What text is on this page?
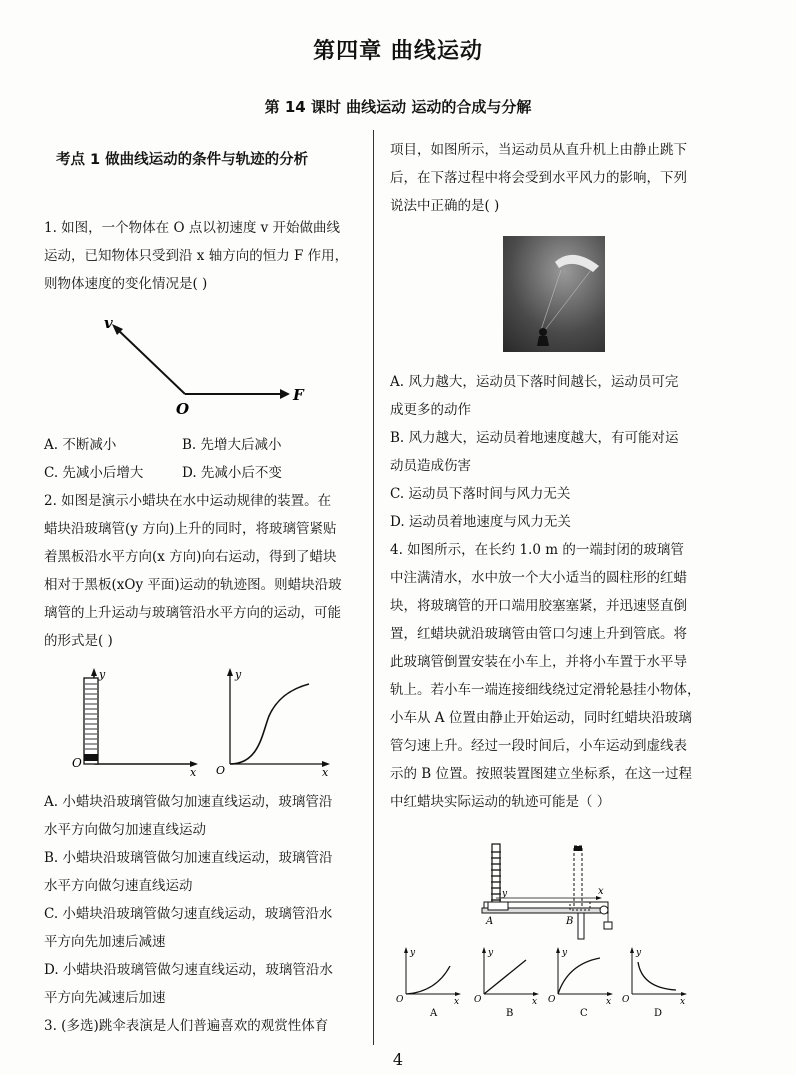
第四章 曲线运动
第 14 课时 曲线运动 运动的合成与分解
考点 1 做曲线运动的条件与轨迹的分析

1. 如图，一个物体在 O 点以初速度 v 开始做曲线

运动，已知物体只受到沿 x 轴方向的恒力 F 作用，

则物体速度的变化情况是( )

v
O
F
A. 不断减小	B. 先增大后减小
C. 先减小后增大	D. 先减小后不变

2. 如图是演示小蜡块在水中运动规律的装置。在

蜡块沿玻璃管(y 方向)上升的同时，将玻璃管紧贴

着黑板沿水平方向(x 方向)向右运动，得到了蜡块

相对于黑板(xOy 平面)运动的轨迹图。则蜡块沿玻

璃管的上升运动与玻璃管沿水平方向的运动，可能

的形式是( )

y
O
x
y
O	x

A. 小蜡块沿玻璃管做匀加速直线运动，玻璃管沿

水平方向做匀加速直线运动

B. 小蜡块沿玻璃管做匀加速直线运动，玻璃管沿

水平方向做匀速直线运动

C. 小蜡块沿玻璃管做匀速直线运动，玻璃管沿水

平方向先加速后减速

D. 小蜡块沿玻璃管做匀速直线运动，玻璃管沿水

平方向先减速后加速

3. (多选)跳伞表演是人们普遍喜欢的观赏性体育

项目，如图所示，当运动员从直升机上由静止跳下

后，在下落过程中将会受到水平风力的影响，下列

说法中正确的是( )

A. 风力越大，运动员下落时间越长，运动员可完

成更多的动作

B. 风力越大，运动员着地速度越大，有可能对运

动员造成伤害

C. 运动员下落时间与风力无关

D. 运动员着地速度与风力无关

4. 如图所示，在长约 1.0 m 的一端封闭的玻璃管

中注满清水，水中放一个大小适当的圆柱形的红蜡

块，将玻璃管的开口端用胶塞塞紧，并迅速竖直倒

置，红蜡块就沿玻璃管由管口匀速上升到管底。将

此玻璃管倒置安装在小车上，并将小车置于水平导

轨上。若小车一端连接细线绕过定滑轮悬挂小物体，

小车从 A 位置由静止开始运动，同时红蜡块沿玻璃

管匀速上升。经过一段时间后，小车运动到虚线表

示的 B 位置。按照装置图建立坐标系，在这一过程

中红蜡块实际运动的轨迹可能是（ ）

A	B
x
y
y
O	x
A
y
O	x
B
y
O	x
C
y
O	x
D
4
